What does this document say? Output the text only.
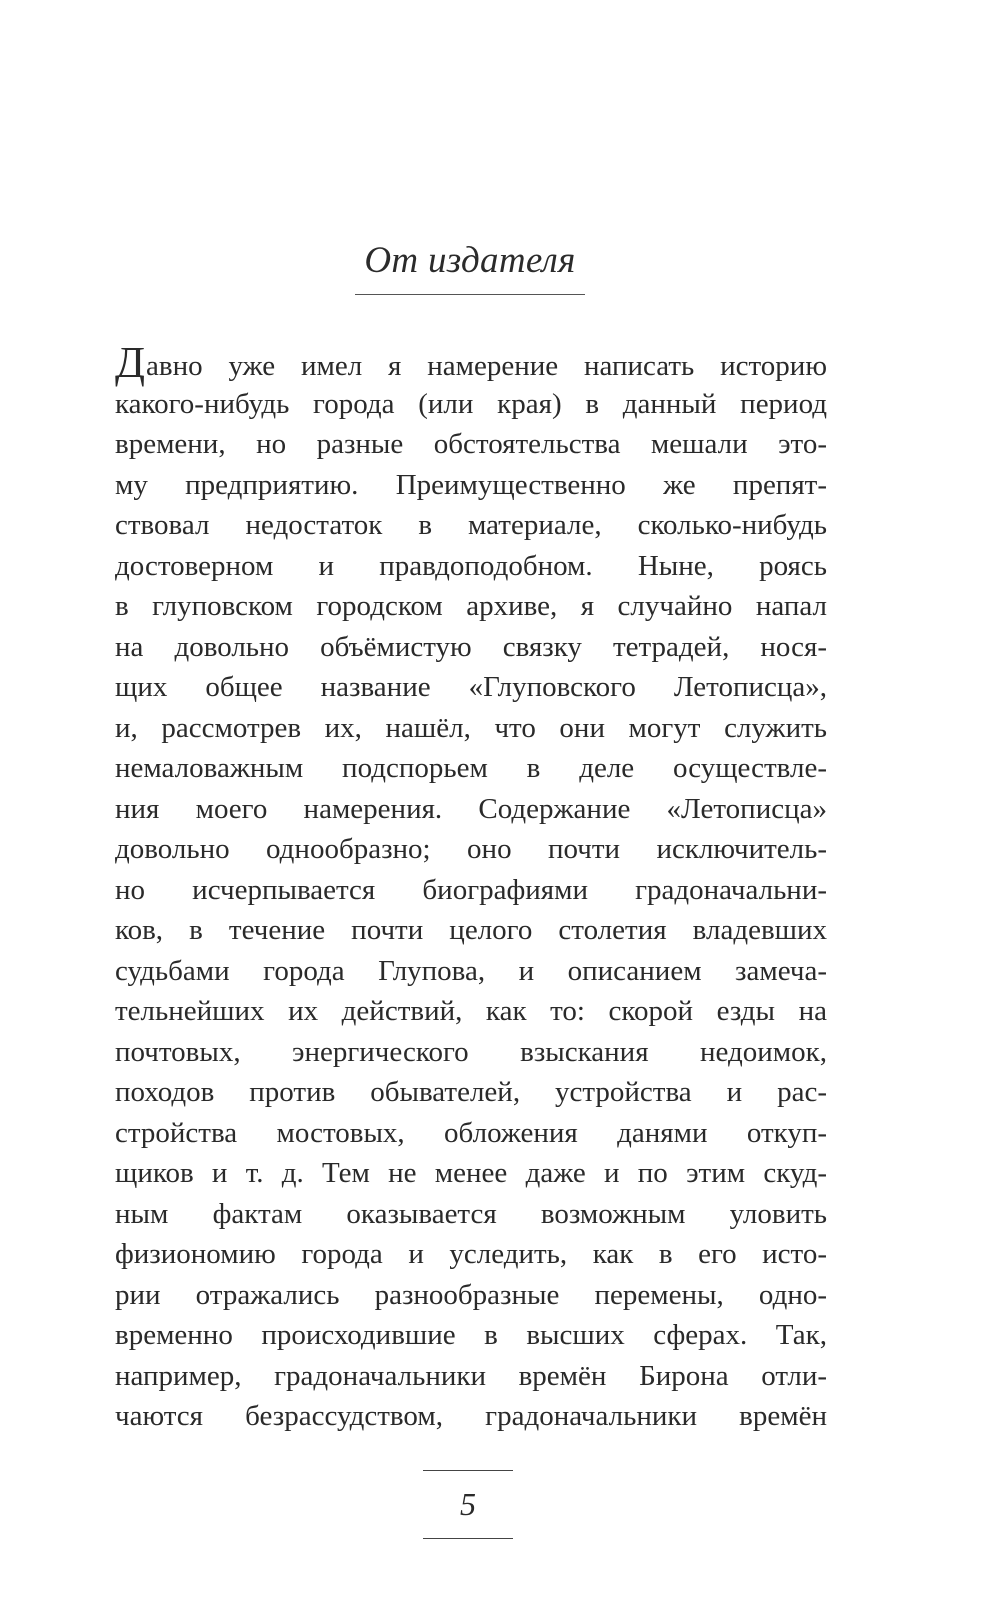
От издателя
Давно уже имел я намерение написать историю
какого-нибудь города (или края) в данный период
времени, но разные обстоятельства мешали это-
му предприятию. Преимущественно же препят-
ствовал недостаток в материале, сколько-нибудь
достоверном и правдоподобном. Ныне, роясь
в глуповском городском архиве, я случайно напал
на довольно объёмистую связку тетрадей, нося-
щих общее название «Глуповского Летописца»,
и, рассмотрев их, нашёл, что они могут служить
немаловажным подспорьем в деле осуществле-
ния моего намерения. Содержание «Летописца»
довольно однообразно; оно почти исключитель-
но исчерпывается биографиями градоначальни-
ков, в течение почти целого столетия владевших
судьбами города Глупова, и описанием замеча-
тельнейших их действий, как то: скорой езды на
почтовых, энергического взыскания недоимок,
походов против обывателей, устройства и рас-
стройства мостовых, обложения данями откуп-
щиков и т. д. Тем не менее даже и по этим скуд-
ным фактам оказывается возможным уловить
физиономию города и уследить, как в его исто-
рии отражались разнообразные перемены, одно-
временно происходившие в высших сферах. Так,
например, градоначальники времён Бирона отли-
чаются безрассудством, градоначальники времён
5
